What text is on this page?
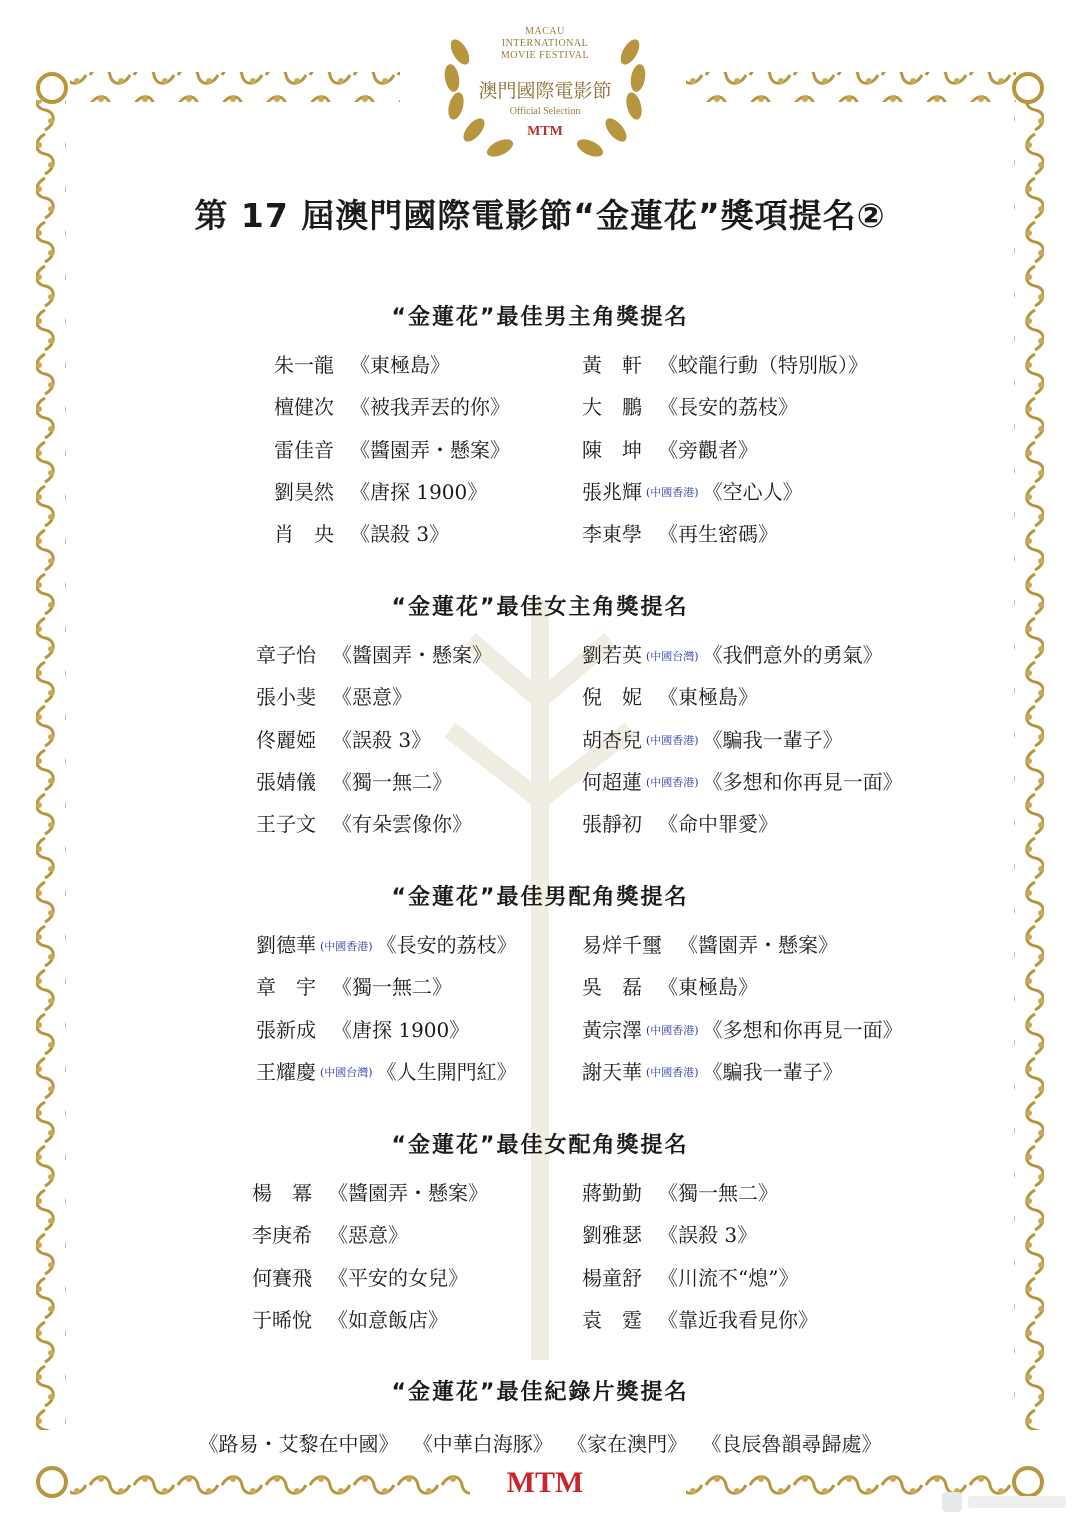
MACAU
INTERNATIONAL
MOVIE FESTIVAL
澳門國際電影節
Official Selection
MTM
第 17 屆澳門國際電影節“金蓮花”獎項提名②
“金蓮花”最佳男主角獎提名
朱一龍 《東極島》	黃　軒 《蛟龍行動（特別版）》
檀健次 《被我弄丟的你》	大　鵬 《長安的荔枝》
雷佳音 《醬園弄・懸案》	陳　坤 《旁觀者》
劉昊然 《唐探 1900》	張兆輝 (中國香港) 《空心人》
肖　央 《誤殺 3》	李東學 《再生密碼》
“金蓮花”最佳女主角獎提名
章子怡 《醬園弄・懸案》	劉若英 (中國台灣) 《我們意外的勇氣》
張小斐 《惡意》	倪　妮 《東極島》
佟麗婭 《誤殺 3》	胡杏兒 (中國香港) 《騙我一輩子》
張婧儀 《獨一無二》	何超蓮 (中國香港) 《多想和你再見一面》
王子文 《有朵雲像你》	張靜初 《命中罪愛》
“金蓮花”最佳男配角獎提名
劉德華 (中國香港) 《長安的荔枝》	易烊千璽 《醬園弄・懸案》
章　宇 《獨一無二》	吳　磊 《東極島》
張新成 《唐探 1900》	黃宗澤 (中國香港) 《多想和你再見一面》
王耀慶 (中國台灣) 《人生開門紅》	謝天華 (中國香港) 《騙我一輩子》
“金蓮花”最佳女配角獎提名
楊　冪 《醬園弄・懸案》	蔣勤勤 《獨一無二》
李庚希 《惡意》	劉雅瑟 《誤殺 3》
何賽飛 《平安的女兒》	楊童舒 《川流不“熄”》
于晞悅 《如意飯店》	袁　霆 《靠近我看見你》
“金蓮花”最佳紀錄片獎提名
《路易・艾黎在中國》 《中華白海豚》 《家在澳門》 《良辰魯韻尋歸處》
MTM
